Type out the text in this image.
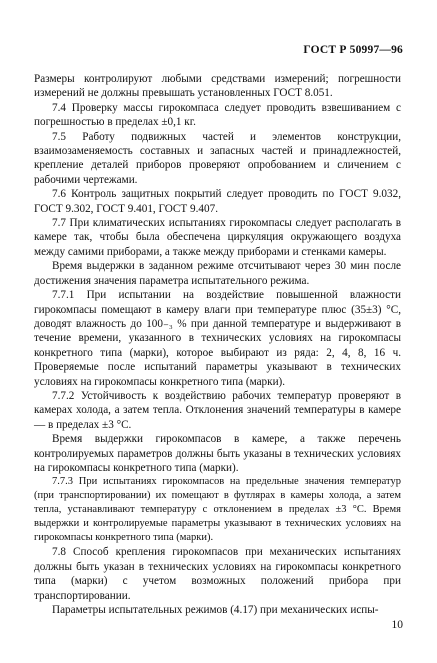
ГОСТ Р 50997—96

Размеры контролируют любыми средствами измерений; погрешности измерений не должны превышать установленных ГОСТ 8.051.

7.4 Проверку массы гирокомпаса следует проводить взвешиванием с погрешностью в пределах ±0,1 кг.

7.5 Работу подвижных частей и элементов конструкции, взаимозаменяемость составных и запасных частей и принадлежностей, крепление деталей приборов проверяют опробованием и сличением с рабочими чертежами.

7.6 Контроль защитных покрытий следует проводить по ГОСТ 9.032, ГОСТ 9.302, ГОСТ 9.401, ГОСТ 9.407.

7.7 При климатических испытаниях гирокомпасы следует располагать в камере так, чтобы была обеспечена циркуляция окружающего воздуха между самими приборами, а также между приборами и стенками камеры.

Время выдержки в заданном режиме отсчитывают через 30 мин после достижения значения параметра испытательного режима.

7.7.1 При испытании на воздействие повышенной влажности гирокомпасы помещают в камеру влаги при температуре плюс (35±3) °С, доводят влажность до 100₋₃ % при данной температуре и выдерживают в течение времени, указанного в технических условиях на гирокомпасы конкретного типа (марки), которое выбирают из ряда: 2, 4, 8, 16 ч. Проверяемые после испытаний параметры указывают в технических условиях на гирокомпасы конкретного типа (марки).

7.7.2 Устойчивость к воздействию рабочих температур проверяют в камерах холода, а затем тепла. Отклонения значений температуры в камере — в пределах ±3 °С.

Время выдержки гирокомпасов в камере, а также перечень контролируемых параметров должны быть указаны в технических условиях на гирокомпасы конкретного типа (марки).

7.7.3 При испытаниях гирокомпасов на предельные значения температур (при транспортировании) их помещают в футлярах в камеры холода, а затем тепла, устанавливают температуру с отклонением в пределах ±3 °С. Время выдержки и контролируемые параметры указывают в технических условиях на гирокомпасы конкретного типа (марки).

7.8 Способ крепления гирокомпасов при механических испытаниях должны быть указан в технических условиях на гирокомпасы конкретного типа (марки) с учетом возможных положений прибора при транспортировании.

Параметры испытательных режимов (4.17) при механических испы-

10
